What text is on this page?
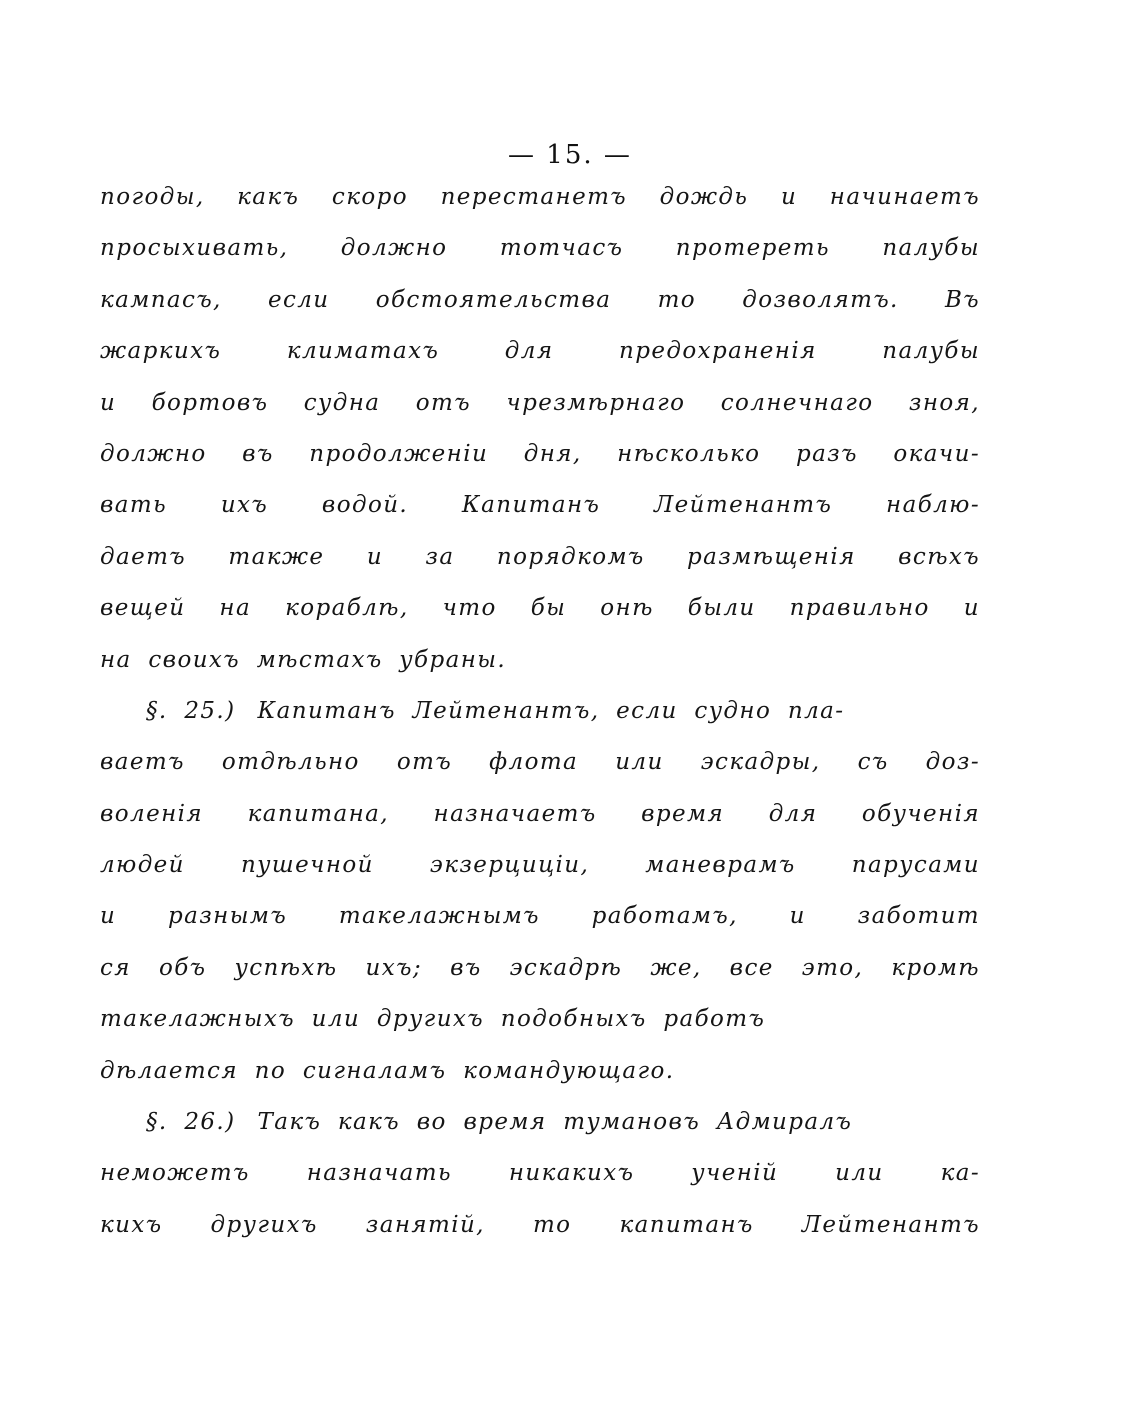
— 15. —
погоды, какъ скоро перестанетъ дождь и начинаетъ
просыхивать, должно тотчасъ протереть палубы
кампасъ, если обстоятельства то дозволятъ. Въ
жаркихъ климатахъ для предохраненія палубы
и бортовъ судна отъ чрезмѣрнаго солнечнаго зноя,
должно въ продолженіи дня, нѣсколько разъ окачи-
вать ихъ водой. Капитанъ Лейтенантъ наблю-
даетъ также и за порядкомъ размѣщенія всѣхъ
вещей на кораблѣ, что бы онѣ были правильно и
на своихъ мѣстахъ убраны.
§. 25.) Капитанъ Лейтенантъ, если судно пла-
ваетъ отдѣльно отъ флота или эскадры, съ доз-
воленія капитана, назначаетъ время для обученія
людей пушечной экзерциціи, маневрамъ парусами
и разнымъ такелажнымъ работамъ, и заботит
ся объ успѣхѣ ихъ; въ эскадрѣ же, все это, кромѣ
такелажныхъ или другихъ подобныхъ работъ
дѣлается по сигналамъ командующаго.
§. 26.) Такъ какъ во время тумановъ Адмиралъ
неможетъ назначать никакихъ ученій или ка-
кихъ другихъ занятій, то капитанъ Лейтенантъ
